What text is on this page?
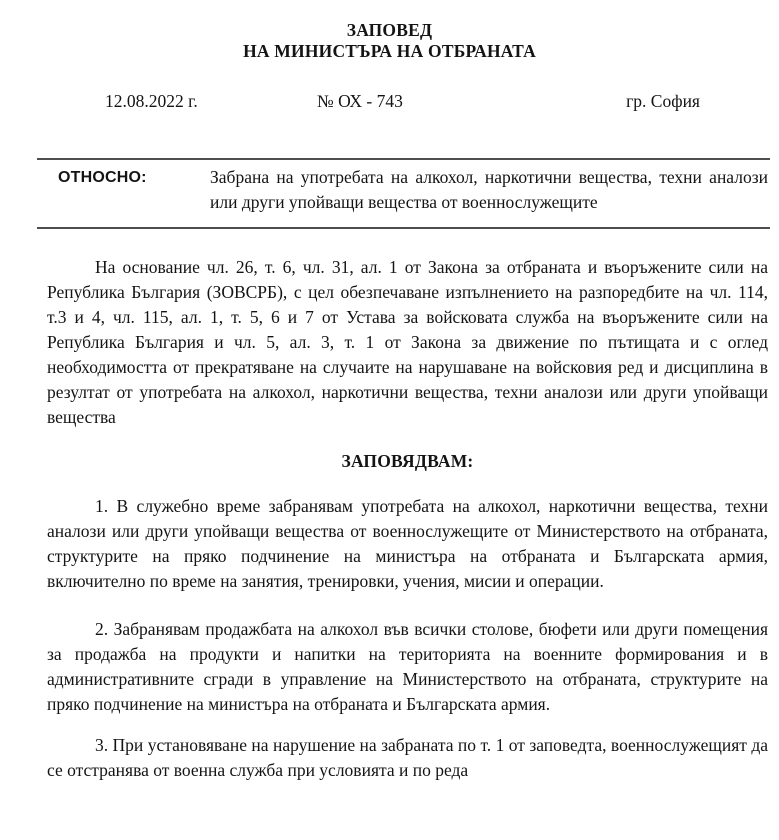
ЗАПОВЕД
НА МИНИСТЪРА НА ОТБРАНАТА
12.08.2022 г.	№ ОХ - 743	гр. София
ОТНОСНО:	Забрана на употребата на алкохол, наркотични вещества, техни аналози или други упойващи вещества от военнослужещите

На основание чл. 26, т. 6, чл. 31, ал. 1 от Закона за отбраната и въоръжените сили на Република България (ЗОВСРБ), с цел обезпечаване изпълнението на разпоредбите на чл. 114, т.3 и 4, чл. 115, ал. 1, т. 5, 6 и 7 от Устава за войсковата служба на въоръжените сили на Република България и чл. 5, ал. 3, т. 1 от Закона за движение по пътищата и с оглед необходимостта от прекратяване на случаите на нарушаване на войсковия ред и дисциплина в резултат от употребата на алкохол, наркотични вещества, техни аналози или други упойващи вещества

ЗАПОВЯДВАМ:

1. В служебно време забранявам употребата на алкохол, наркотични вещества, техни аналози или други упойващи вещества от военнослужещите от Министерството на отбраната, структурите на пряко подчинение на министъра на отбраната и Българската армия, включително по време на занятия, тренировки, учения, мисии и операции.

2. Забранявам продажбата на алкохол във всички столове, бюфети или други помещения за продажба на продукти и напитки на територията на военните формирования и в административните сгради в управление на Министерството на отбраната, структурите на пряко подчинение на министъра на отбраната и Българската армия.

3. При установяване на нарушение на забраната по т. 1 от заповедта, военнослужещият да се отстранява от военна служба при условията и по реда
